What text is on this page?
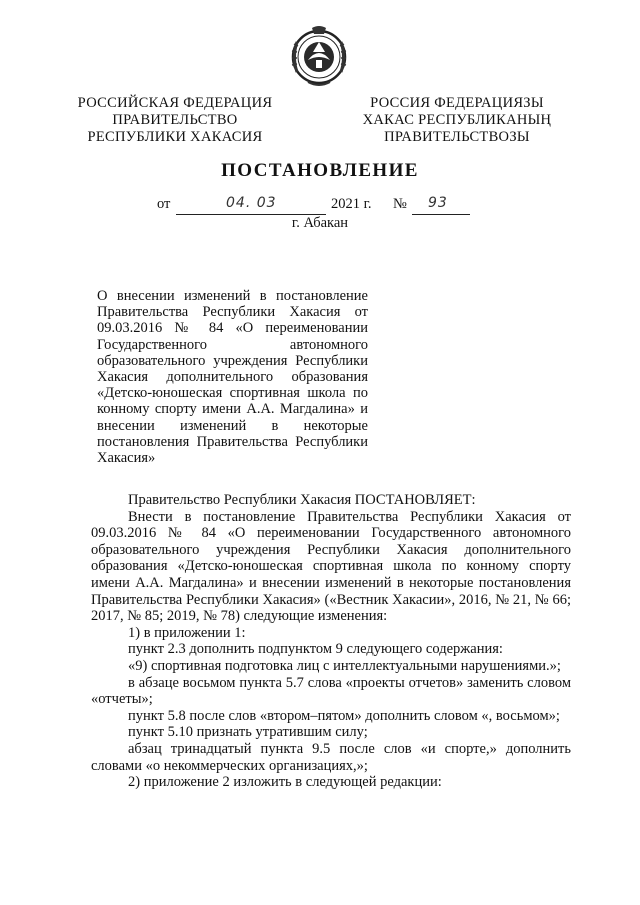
РОССИЙСКАЯ ФЕДЕРАЦИЯ
ПРАВИТЕЛЬСТВО
РЕСПУБЛИКИ ХАКАСИЯ
РОССИЯ ФЕДЕРАЦИЯЗЫ
ХАКАС РЕСПУБЛИКАНЫҢ
ПРАВИТЕЛЬСТВОЗЫ
ПОСТАНОВЛЕНИЕ
от	04. 03	2021 г. № 93
г. Абакан
О внесении изменений в постановление Правительства Республики Хакасия от 09.03.2016 № 84 «О переименовании Государственного автономного образовательного учреждения Республики Хакасия дополнительного образования «Детско-юношеская спортивная школа по конному спорту имени А.А. Магдалина» и внесении изменений в некоторые постановления Правительства Республики Хакасия»

Правительство Республики Хакасия ПОСТАНОВЛЯЕТ:

Внести в постановление Правительства Республики Хакасия от 09.03.2016 № 84 «О переименовании Государственного автономного образовательного учреждения Республики Хакасия дополнительного образования «Детско-юношеская спортивная школа по конному спорту имени А.А. Магдалина» и внесении изменений в некоторые постановления Правительства Республики Хакасия» («Вестник Хакасии», 2016, № 21, № 66; 2017, № 85; 2019, № 78) следующие изменения:

1) в приложении 1:

пункт 2.3 дополнить подпунктом 9 следующего содержания:

«9) спортивная подготовка лиц с интеллектуальными нарушениями.»;

в абзаце восьмом пункта 5.7 слова «проекты отчетов» заменить словом «отчеты»;

пункт 5.8 после слов «втором–пятом» дополнить словом «, восьмом»;

пункт 5.10 признать утратившим силу;

абзац тринадцатый пункта 9.5 после слов «и спорте,» дополнить словами «о некоммерческих организациях,»;

2) приложение 2 изложить в следующей редакции:
